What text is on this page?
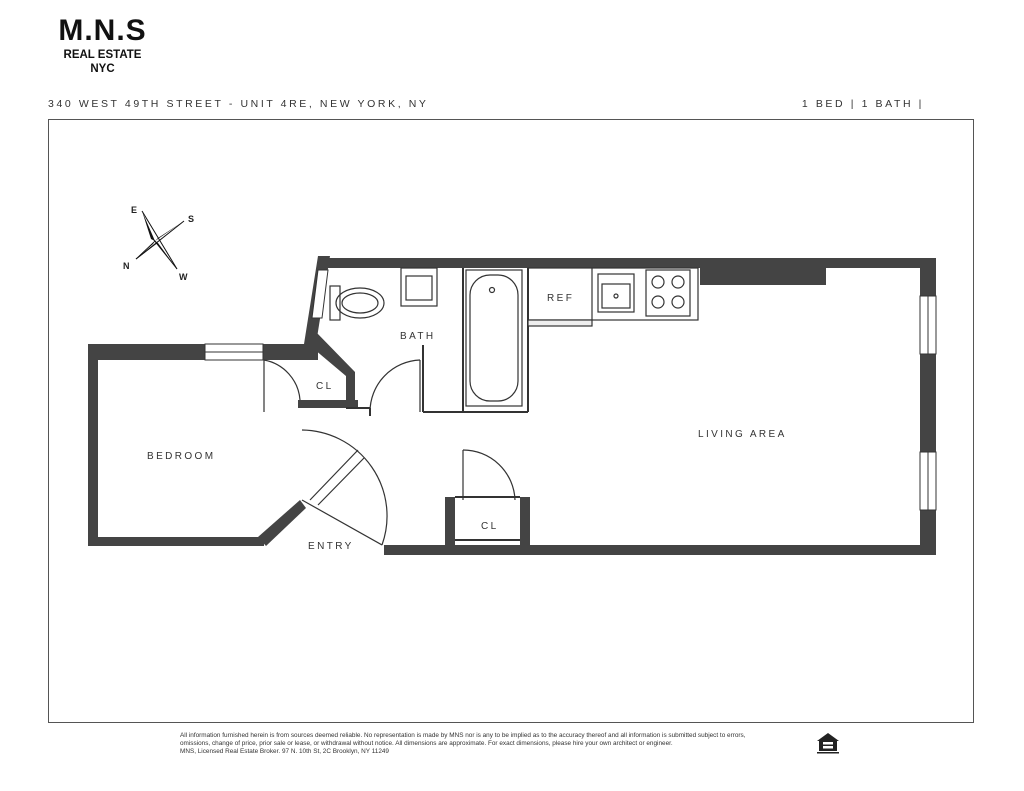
M.N.S
REAL ESTATE
NYC
340 WEST 49TH STREET - UNIT 4RE, NEW YORK, NY	1 BED | 1 BATH |
E
S
N
W
BEDROOM
BATH
CL
CL
REF
LIVING AREA
ENTRY
All information furnished herein is from sources deemed reliable. No representation is made by MNS nor is any to be implied as to the accuracy thereof and all information is submitted subject to errors, omissions, change of price, prior sale or lease, or withdrawal without notice. All dimensions are approximate. For exact dimensions, please hire your own architect or engineer.
MNS, Licensed Real Estate Broker. 97 N. 10th St, 2C Brooklyn, NY 11249
